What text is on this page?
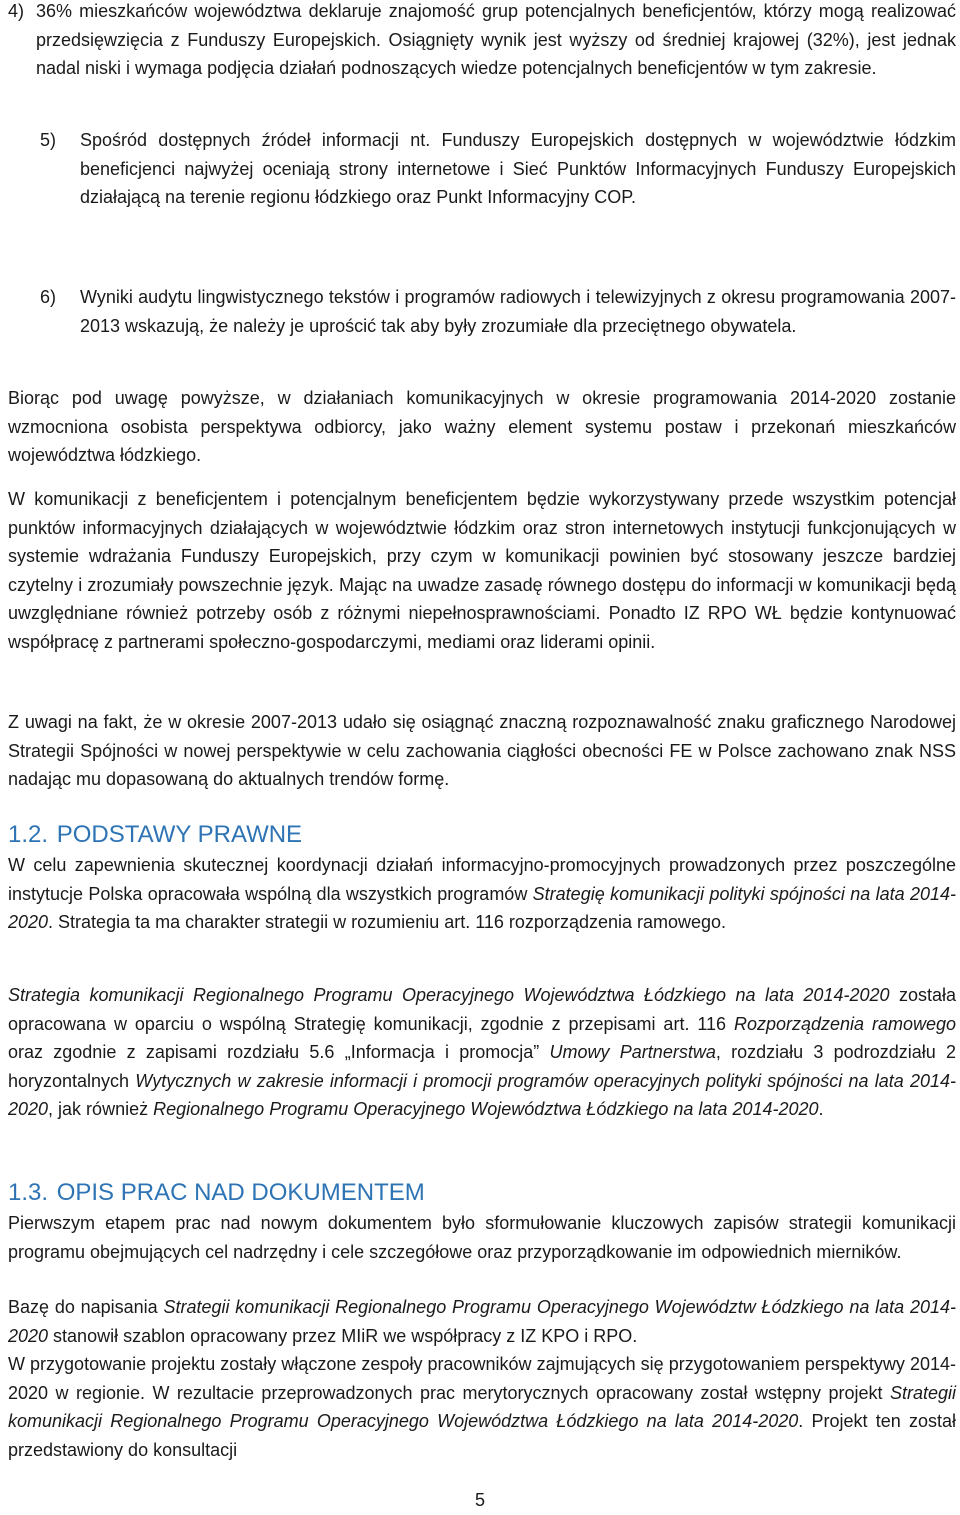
4) 36% mieszkańców województwa deklaruje znajomość grup potencjalnych beneficjentów, którzy mogą realizować przedsięwzięcia z Funduszy Europejskich. Osiągnięty wynik jest wyższy od średniej krajowej (32%), jest jednak nadal niski i wymaga podjęcia działań podnoszących wiedze potencjalnych beneficjentów w tym zakresie.
5) Spośród dostępnych źródeł informacji nt. Funduszy Europejskich dostępnych w województwie łódzkim beneficjenci najwyżej oceniają strony internetowe i Sieć Punktów Informacyjnych Funduszy Europejskich działającą na terenie regionu łódzkiego oraz Punkt Informacyjny COP.
6) Wyniki audytu lingwistycznego tekstów i programów radiowych i telewizyjnych z okresu programowania 2007-2013 wskazują, że należy je uprościć tak aby były zrozumiałe dla przeciętnego obywatela.
Biorąc pod uwagę powyższe, w działaniach komunikacyjnych w okresie programowania 2014-2020 zostanie wzmocniona osobista perspektywa odbiorcy, jako ważny element systemu postaw i przekonań mieszkańców województwa łódzkiego.
W komunikacji z beneficjentem i potencjalnym beneficjentem będzie wykorzystywany przede wszystkim potencjał punktów informacyjnych działających w województwie łódzkim oraz stron internetowych instytucji funkcjonujących w systemie wdrażania Funduszy Europejskich, przy czym w komunikacji powinien być stosowany jeszcze bardziej czytelny i zrozumiały powszechnie język. Mając na uwadze zasadę równego dostępu do informacji w komunikacji będą uwzględniane również potrzeby osób z różnymi niepełnosprawnościami. Ponadto IZ RPO WŁ będzie kontynuować współpracę z partnerami społeczno-gospodarczymi, mediami oraz liderami opinii.
Z uwagi na fakt, że w okresie 2007-2013 udało się osiągnąć znaczną rozpoznawalność znaku graficznego Narodowej Strategii Spójności w nowej perspektywie w celu zachowania ciągłości obecności FE w Polsce zachowano znak NSS nadając mu dopasowaną do aktualnych trendów formę.
1.2. PODSTAWY PRAWNE
W celu zapewnienia skutecznej koordynacji działań informacyjno-promocyjnych prowadzonych przez poszczególne instytucje Polska opracowała wspólną dla wszystkich programów Strategię komunikacji polityki spójności na lata 2014-2020. Strategia ta ma charakter strategii w rozumieniu art. 116 rozporządzenia ramowego.
Strategia komunikacji Regionalnego Programu Operacyjnego Województwa Łódzkiego na lata 2014-2020 została opracowana w oparciu o wspólną Strategię komunikacji, zgodnie z przepisami art. 116 Rozporządzenia ramowego oraz zgodnie z zapisami rozdziału 5.6 „Informacja i promocja” Umowy Partnerstwa, rozdziału 3 podrozdziału 2 horyzontalnych Wytycznych w zakresie informacji i promocji programów operacyjnych polityki spójności na lata 2014-2020, jak również Regionalnego Programu Operacyjnego Województwa Łódzkiego na lata 2014-2020.
1.3. OPIS PRAC NAD DOKUMENTEM
Pierwszym etapem prac nad nowym dokumentem było sformułowanie kluczowych zapisów strategii komunikacji programu obejmujących cel nadrzędny i cele szczegółowe oraz przyporządkowanie im odpowiednich mierników.
Bazę do napisania Strategii komunikacji Regionalnego Programu Operacyjnego Województw Łódzkiego na lata 2014-2020 stanowił szablon opracowany przez MIiR we współpracy z IZ KPO i RPO.
W przygotowanie projektu zostały włączone zespoły pracowników zajmujących się przygotowaniem perspektywy 2014-2020 w regionie. W rezultacie przeprowadzonych prac merytorycznych opracowany został wstępny projekt Strategii komunikacji Regionalnego Programu Operacyjnego Województwa Łódzkiego na lata 2014-2020. Projekt ten został przedstawiony do konsultacji
5
